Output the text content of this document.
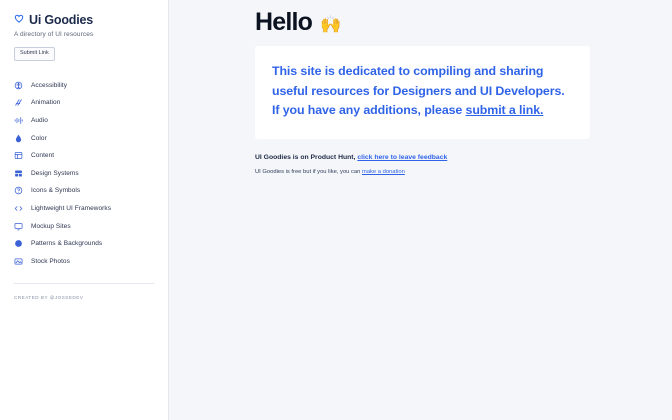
Ui Goodies
A directory of UI resources
Submit Link
Accessibility
Animation
Audio
Color
Content
Design Systems
Icons & Symbols
Lightweight UI Frameworks
Mockup Sites
Patterns & Backgrounds
Stock Photos
CREATED BY @JOSSEDEV
Hello 🙌

This site is dedicated to compiling and sharing useful resources for Designers and UI Developers. If you have any additions, please submit a link.

UI Goodies is on Product Hunt, click here to leave feedback
UI Goodies is free but if you like, you can make a donation
